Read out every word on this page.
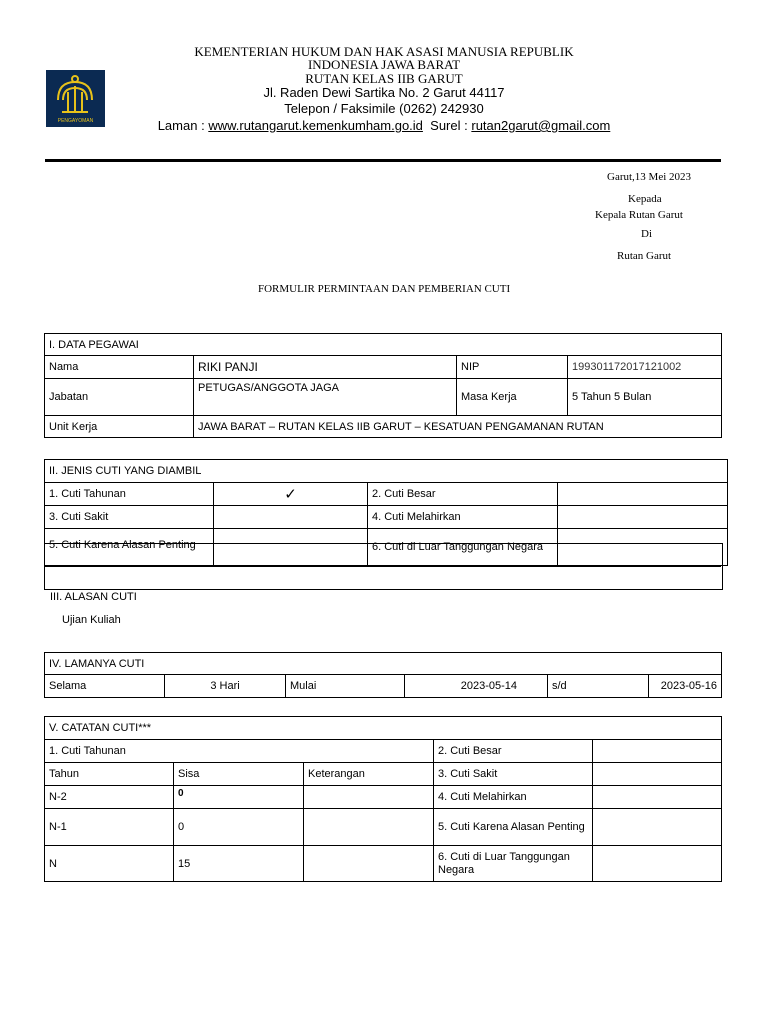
PENGAYOMAN
KEMENTERIAN HUKUM DAN HAK ASASI MANUSIA REPUBLIK
INDONESIA JAWA BARAT
RUTAN KELAS IIB GARUT
Jl. Raden Dewi Sartika No. 2 Garut 44117
Telepon / Faksimile (0262) 242930
Laman : www.rutangarut.kemenkumham.go.id Surel : rutan2garut@gmail.com
Garut,13 Mei 2023
Kepada
Kepala Rutan Garut
Di
Rutan Garut
FORMULIR PERMINTAAN DAN PEMBERIAN CUTI
I. DATA PEGAWAI			
Nama	RIKI PANJI	NIP	199301172017121002
Jabatan	PETUGAS/ANGGOTA JAGA	Masa Kerja	5 Tahun 5 Bulan
Unit Kerja	JAWA BARAT – RUTAN KELAS IIB GARUT – KESATUAN PENGAMANAN RUTAN		
II. JENIS CUTI YANG DIAMBIL			
1. Cuti Tahunan	✓	2. Cuti Besar	
3. Cuti Sakit		4. Cuti Melahirkan	
5. Cuti Karena Alasan Penting		6. Cuti di Luar Tanggungan Negara	
III. ALASAN CUTI
Ujian Kuliah
IV. LAMANYA CUTI
Selama	3 Hari	Mulai	2023-05-14	s/d	2023-05-16
V. CATATAN CUTI***				
1. Cuti Tahunan			2. Cuti Besar	
Tahun	Sisa	Keterangan	3. Cuti Sakit	
N-2	0		4. Cuti Melahirkan	
N-1	0		5. Cuti Karena Alasan Penting	
N	15		6. Cuti di Luar Tanggungan Negara	
